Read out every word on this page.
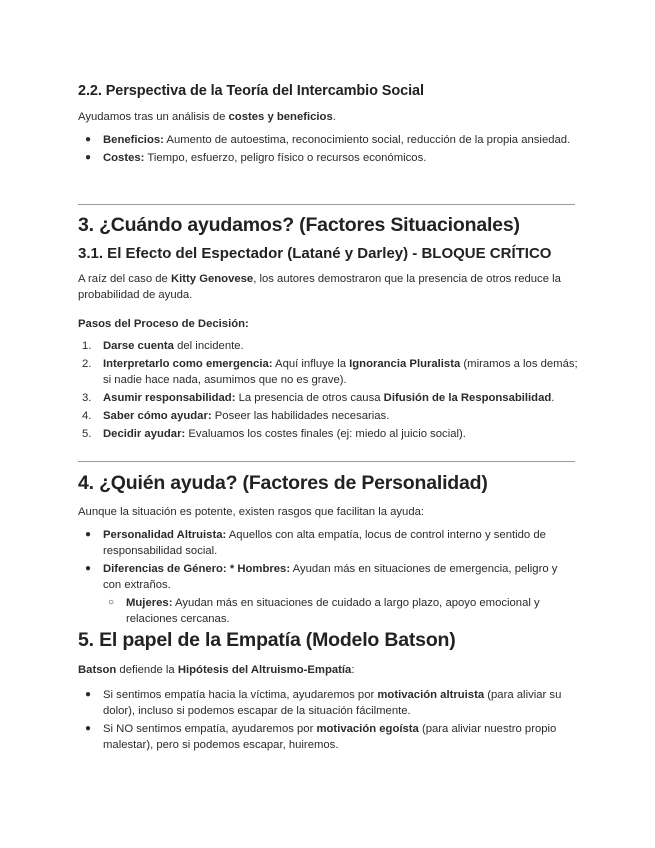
2.2. Perspectiva de la Teoría del Intercambio Social

Ayudamos tras un análisis de costes y beneficios.

● Beneficios: Aumento de autoestima, reconocimiento social, reducción de la propia ansiedad.
● Costes: Tiempo, esfuerzo, peligro físico o recursos económicos.
3. ¿Cuándo ayudamos? (Factores Situacionales)
3.1. El Efecto del Espectador (Latané y Darley) - BLOQUE CRÍTICO

A raíz del caso de Kitty Genovese, los autores demostraron que la presencia de otros reduce la probabilidad de ayuda.

Pasos del Proceso de Decisión:

1. Darse cuenta del incidente.
2. Interpretarlo como emergencia: Aquí influye la Ignorancia Pluralista (miramos a los demás; si nadie hace nada, asumimos que no es grave).
3. Asumir responsabilidad: La presencia de otros causa Difusión de la Responsabilidad.
4. Saber cómo ayudar: Poseer las habilidades necesarias.
5. Decidir ayudar: Evaluamos los costes finales (ej: miedo al juicio social).
4. ¿Quién ayuda? (Factores de Personalidad)

Aunque la situación es potente, existen rasgos que facilitan la ayuda:

● Personalidad Altruista: Aquellos con alta empatía, locus de control interno y sentido de responsabilidad social.
● Diferencias de Género: * Hombres: Ayudan más en situaciones de emergencia, peligro y con extraños.
○ Mujeres: Ayudan más en situaciones de cuidado a largo plazo, apoyo emocional y relaciones cercanas.
5. El papel de la Empatía (Modelo Batson)

Batson defiende la Hipótesis del Altruismo-Empatía:

● Si sentimos empatía hacia la víctima, ayudaremos por motivación altruista (para aliviar su dolor), incluso si podemos escapar de la situación fácilmente.
● Si NO sentimos empatía, ayudaremos por motivación egoísta (para aliviar nuestro propio malestar), pero si podemos escapar, huiremos.
